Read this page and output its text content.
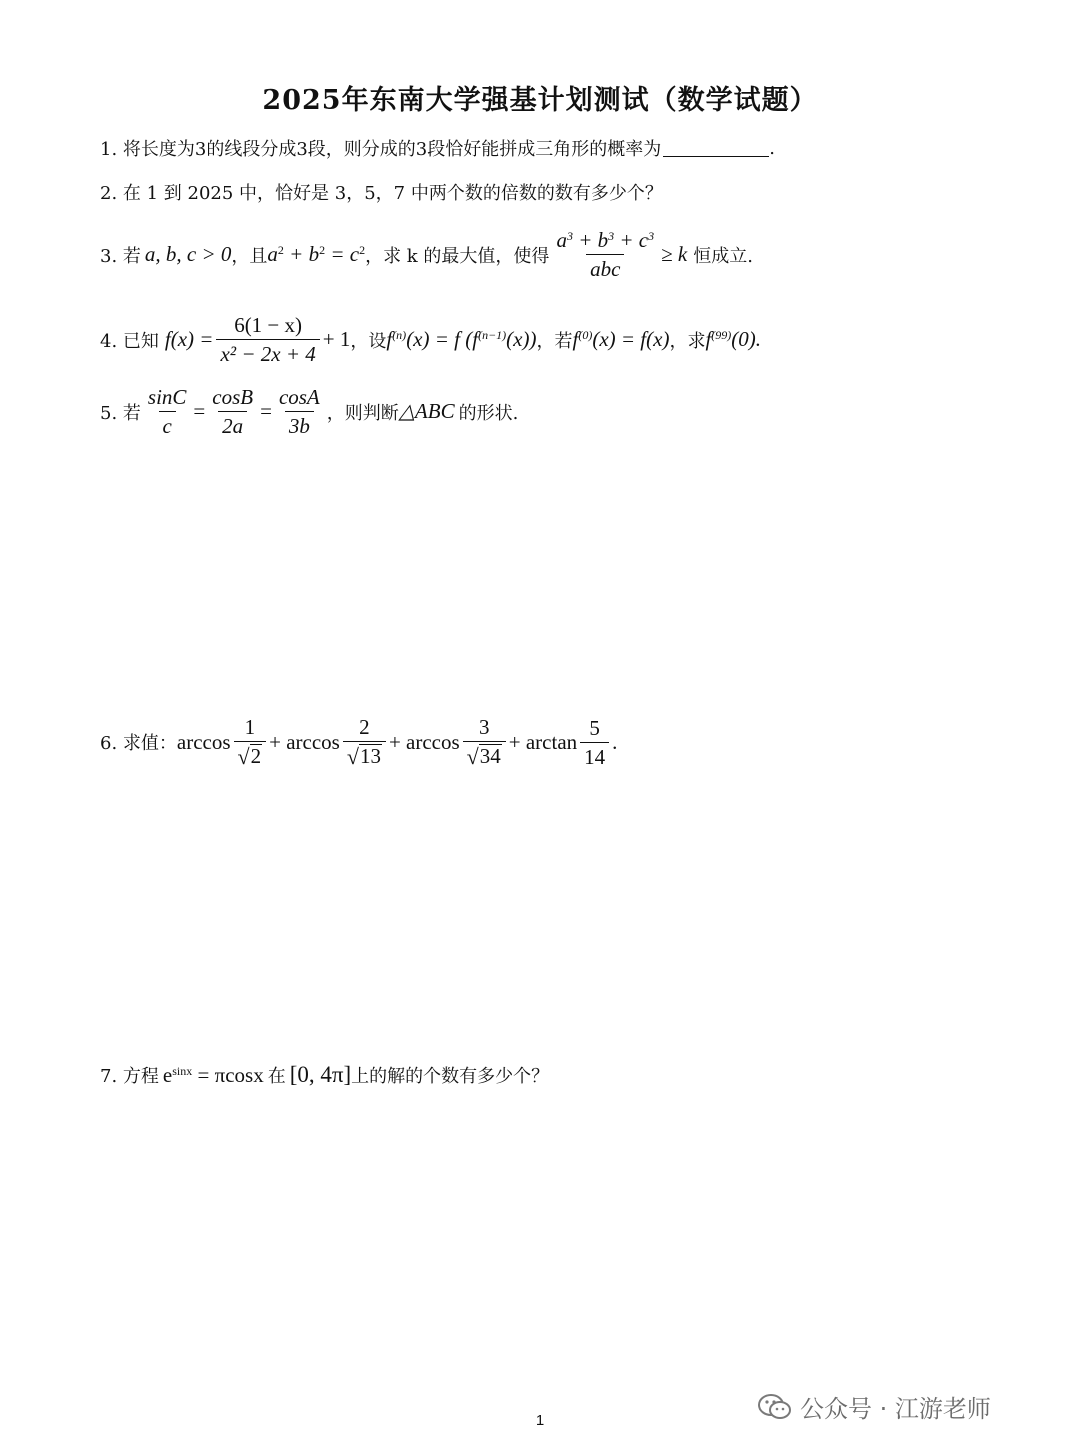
2025年东南大学强基计划测试（数学试题）
1. 将长度为3的线段分成3段，则分成的3段恰好能拼成三角形的概率为	.
2. 在 1 到 2025 中，恰好是 3，5，7 中两个数的倍数的数有多少个？
3. 若 a, b, c > 0 ，且 $a^2 + b^2 = c^2$ ，求 k 的最大值，使得 $\frac{a^3 + b^3 + c^3}{\text{abc}} \ge k$ 恒成立.
4. 已知 $f(x) = \frac{6(1 - x)}{\text{x² − 2x + 4}} + 1$ ，设 $f^{(n)}(x) = f$ $(f^{(n-1)}(x))$ ，若 $f^{(0)}(x) = f(x)$ ，求 $f^{(99)}(0)$.
5. 若 $\frac{\sin C}{c} = \frac{\cos B}{2a} = \frac{\cos A}{3b}$ ，则判断 △ABC 的形状.
6. 求值： $\arccos \frac{1}{√ 2} + \arccos \frac{2}{√ 13} + \arccos \frac{3}{√ 34} + \arctan \frac{5}{14}$ .
7. 方程 $e^{sinx} = \pi\cos x$ 在 [0, 4π] 上的解的个数有多少个？
1	公众号 · 江游老师
